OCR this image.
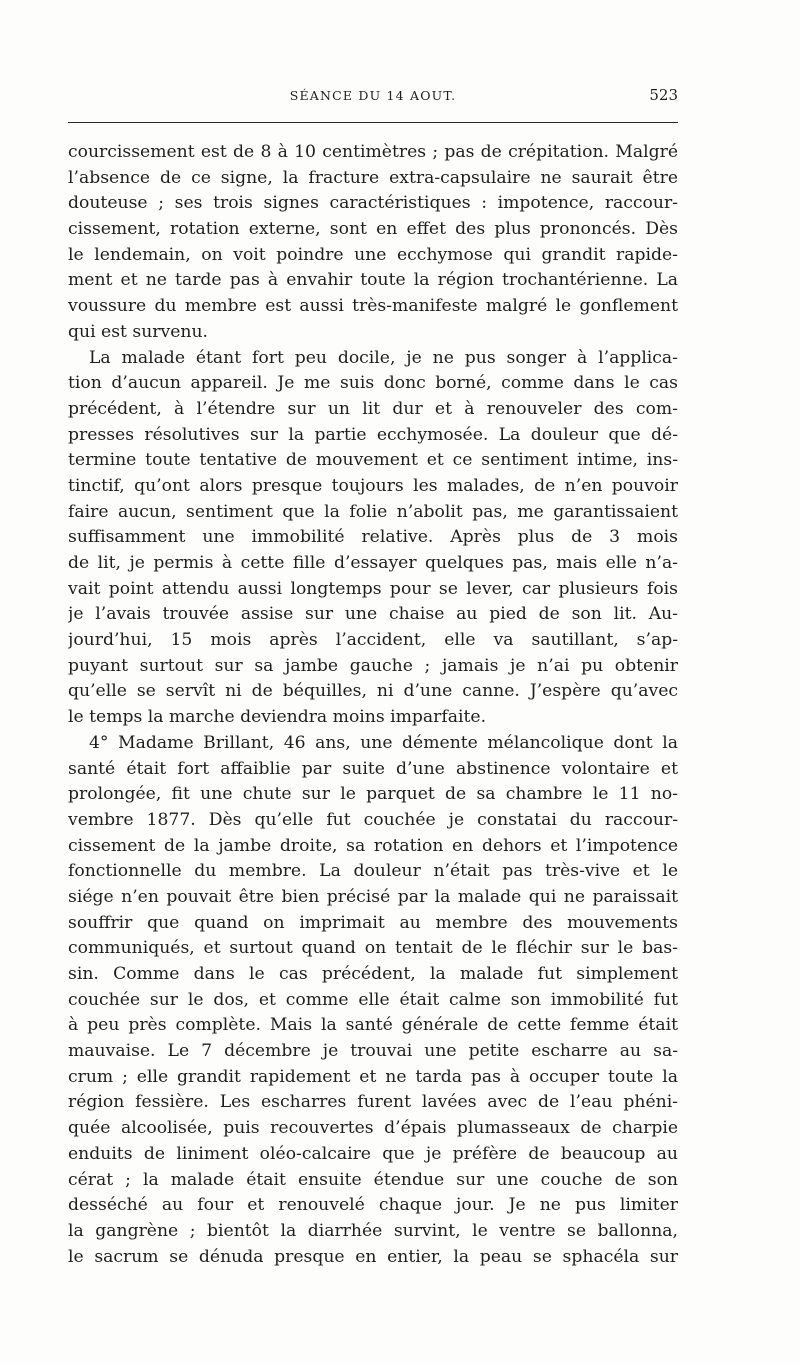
SÉANCE DU 14 AOUT.	523
courcissement est de 8 à 10 centimètres ; pas de crépitation. Malgré
l’absence de ce signe, la fracture extra-capsulaire ne saurait être
douteuse ; ses trois signes caractéristiques : impotence, raccour-
cissement, rotation externe, sont en effet des plus prononcés. Dès
le lendemain, on voit poindre une ecchymose qui grandit rapide-
ment et ne tarde pas à envahir toute la région trochantérienne. La
voussure du membre est aussi très-manifeste malgré le gonflement
qui est survenu.
La malade étant fort peu docile, je ne pus songer à l’applica-
tion d’aucun appareil. Je me suis donc borné, comme dans le cas
précédent, à l’étendre sur un lit dur et à renouveler des com-
presses résolutives sur la partie ecchymosée. La douleur que dé-
termine toute tentative de mouvement et ce sentiment intime, ins-
tinctif, qu’ont alors presque toujours les malades, de n’en pouvoir
faire aucun, sentiment que la folie n’abolit pas, me garantissaient
suffisamment une immobilité relative. Après plus de 3 mois
de lit, je permis à cette fille d’essayer quelques pas, mais elle n’a-
vait point attendu aussi longtemps pour se lever, car plusieurs fois
je l’avais trouvée assise sur une chaise au pied de son lit. Au-
jourd’hui, 15 mois après l’accident, elle va sautillant, s’ap-
puyant surtout sur sa jambe gauche ; jamais je n’ai pu obtenir
qu’elle se servît ni de béquilles, ni d’une canne. J’espère qu’avec
le temps la marche deviendra moins imparfaite.
4° Madame Brillant, 46 ans, une démente mélancolique dont la
santé était fort affaiblie par suite d’une abstinence volontaire et
prolongée, fit une chute sur le parquet de sa chambre le 11 no-
vembre 1877. Dès qu’elle fut couchée je constatai du raccour-
cissement de la jambe droite, sa rotation en dehors et l’impotence
fonctionnelle du membre. La douleur n’était pas très-vive et le
siége n’en pouvait être bien précisé par la malade qui ne paraissait
souffrir que quand on imprimait au membre des mouvements
communiqués, et surtout quand on tentait de le fléchir sur le bas-
sin. Comme dans le cas précédent, la malade fut simplement
couchée sur le dos, et comme elle était calme son immobilité fut
à peu près complète. Mais la santé générale de cette femme était
mauvaise. Le 7 décembre je trouvai une petite escharre au sa-
crum ; elle grandit rapidement et ne tarda pas à occuper toute la
région fessière. Les escharres furent lavées avec de l’eau phéni-
quée alcoolisée, puis recouvertes d’épais plumasseaux de charpie
enduits de liniment oléo-calcaire que je préfère de beaucoup au
cérat ; la malade était ensuite étendue sur une couche de son
desséché au four et renouvelé chaque jour. Je ne pus limiter
la gangrène ; bientôt la diarrhée survint, le ventre se ballonna,
le sacrum se dénuda presque en entier, la peau se sphacéla sur
